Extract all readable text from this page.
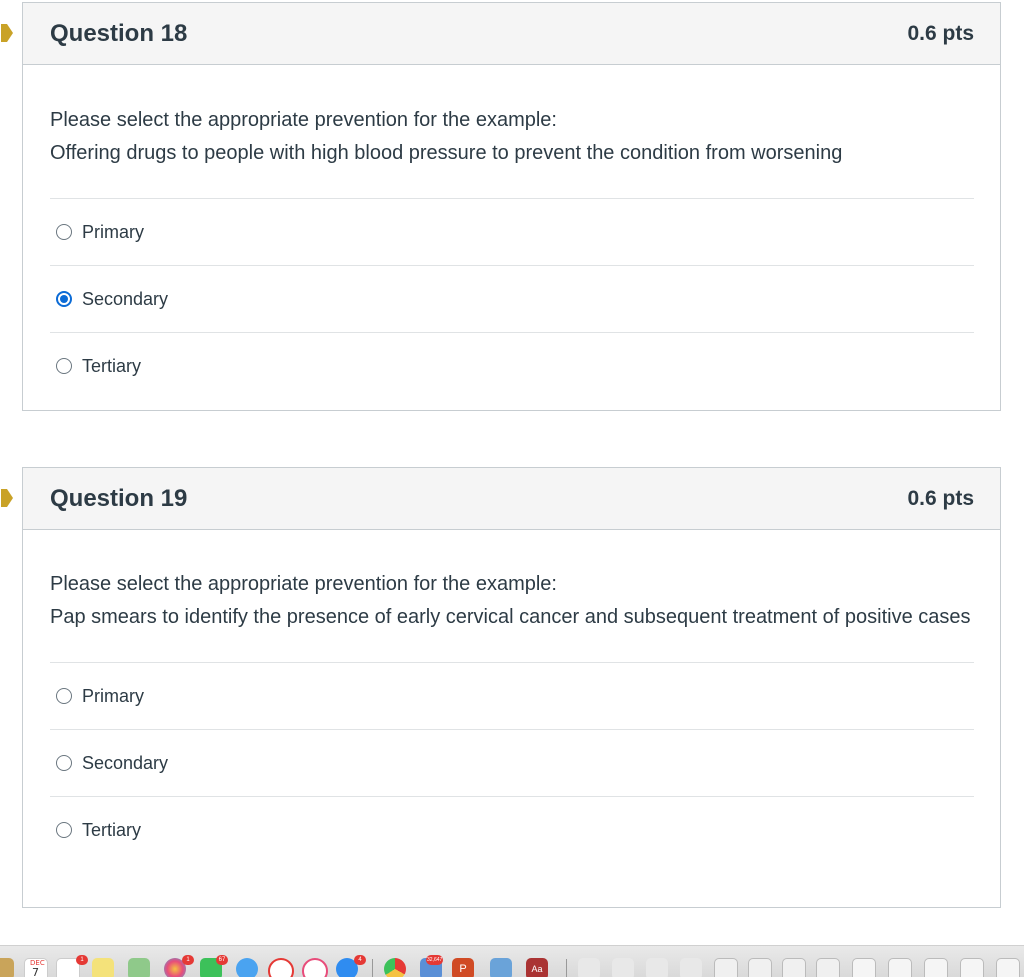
Question 18	0.6 pts

Please select the appropriate prevention for the example:
Offering drugs to people with high blood pressure to prevent the condition from worsening

Primary
Secondary
Tertiary
Question 19	0.6 pts

Please select the appropriate prevention for the example:
Pap smears to identify the presence of early cervical cancer and subsequent treatment of positive cases

Primary
Secondary
Tertiary
DEC
7
1	1	67	4	32,647
P	Aa
